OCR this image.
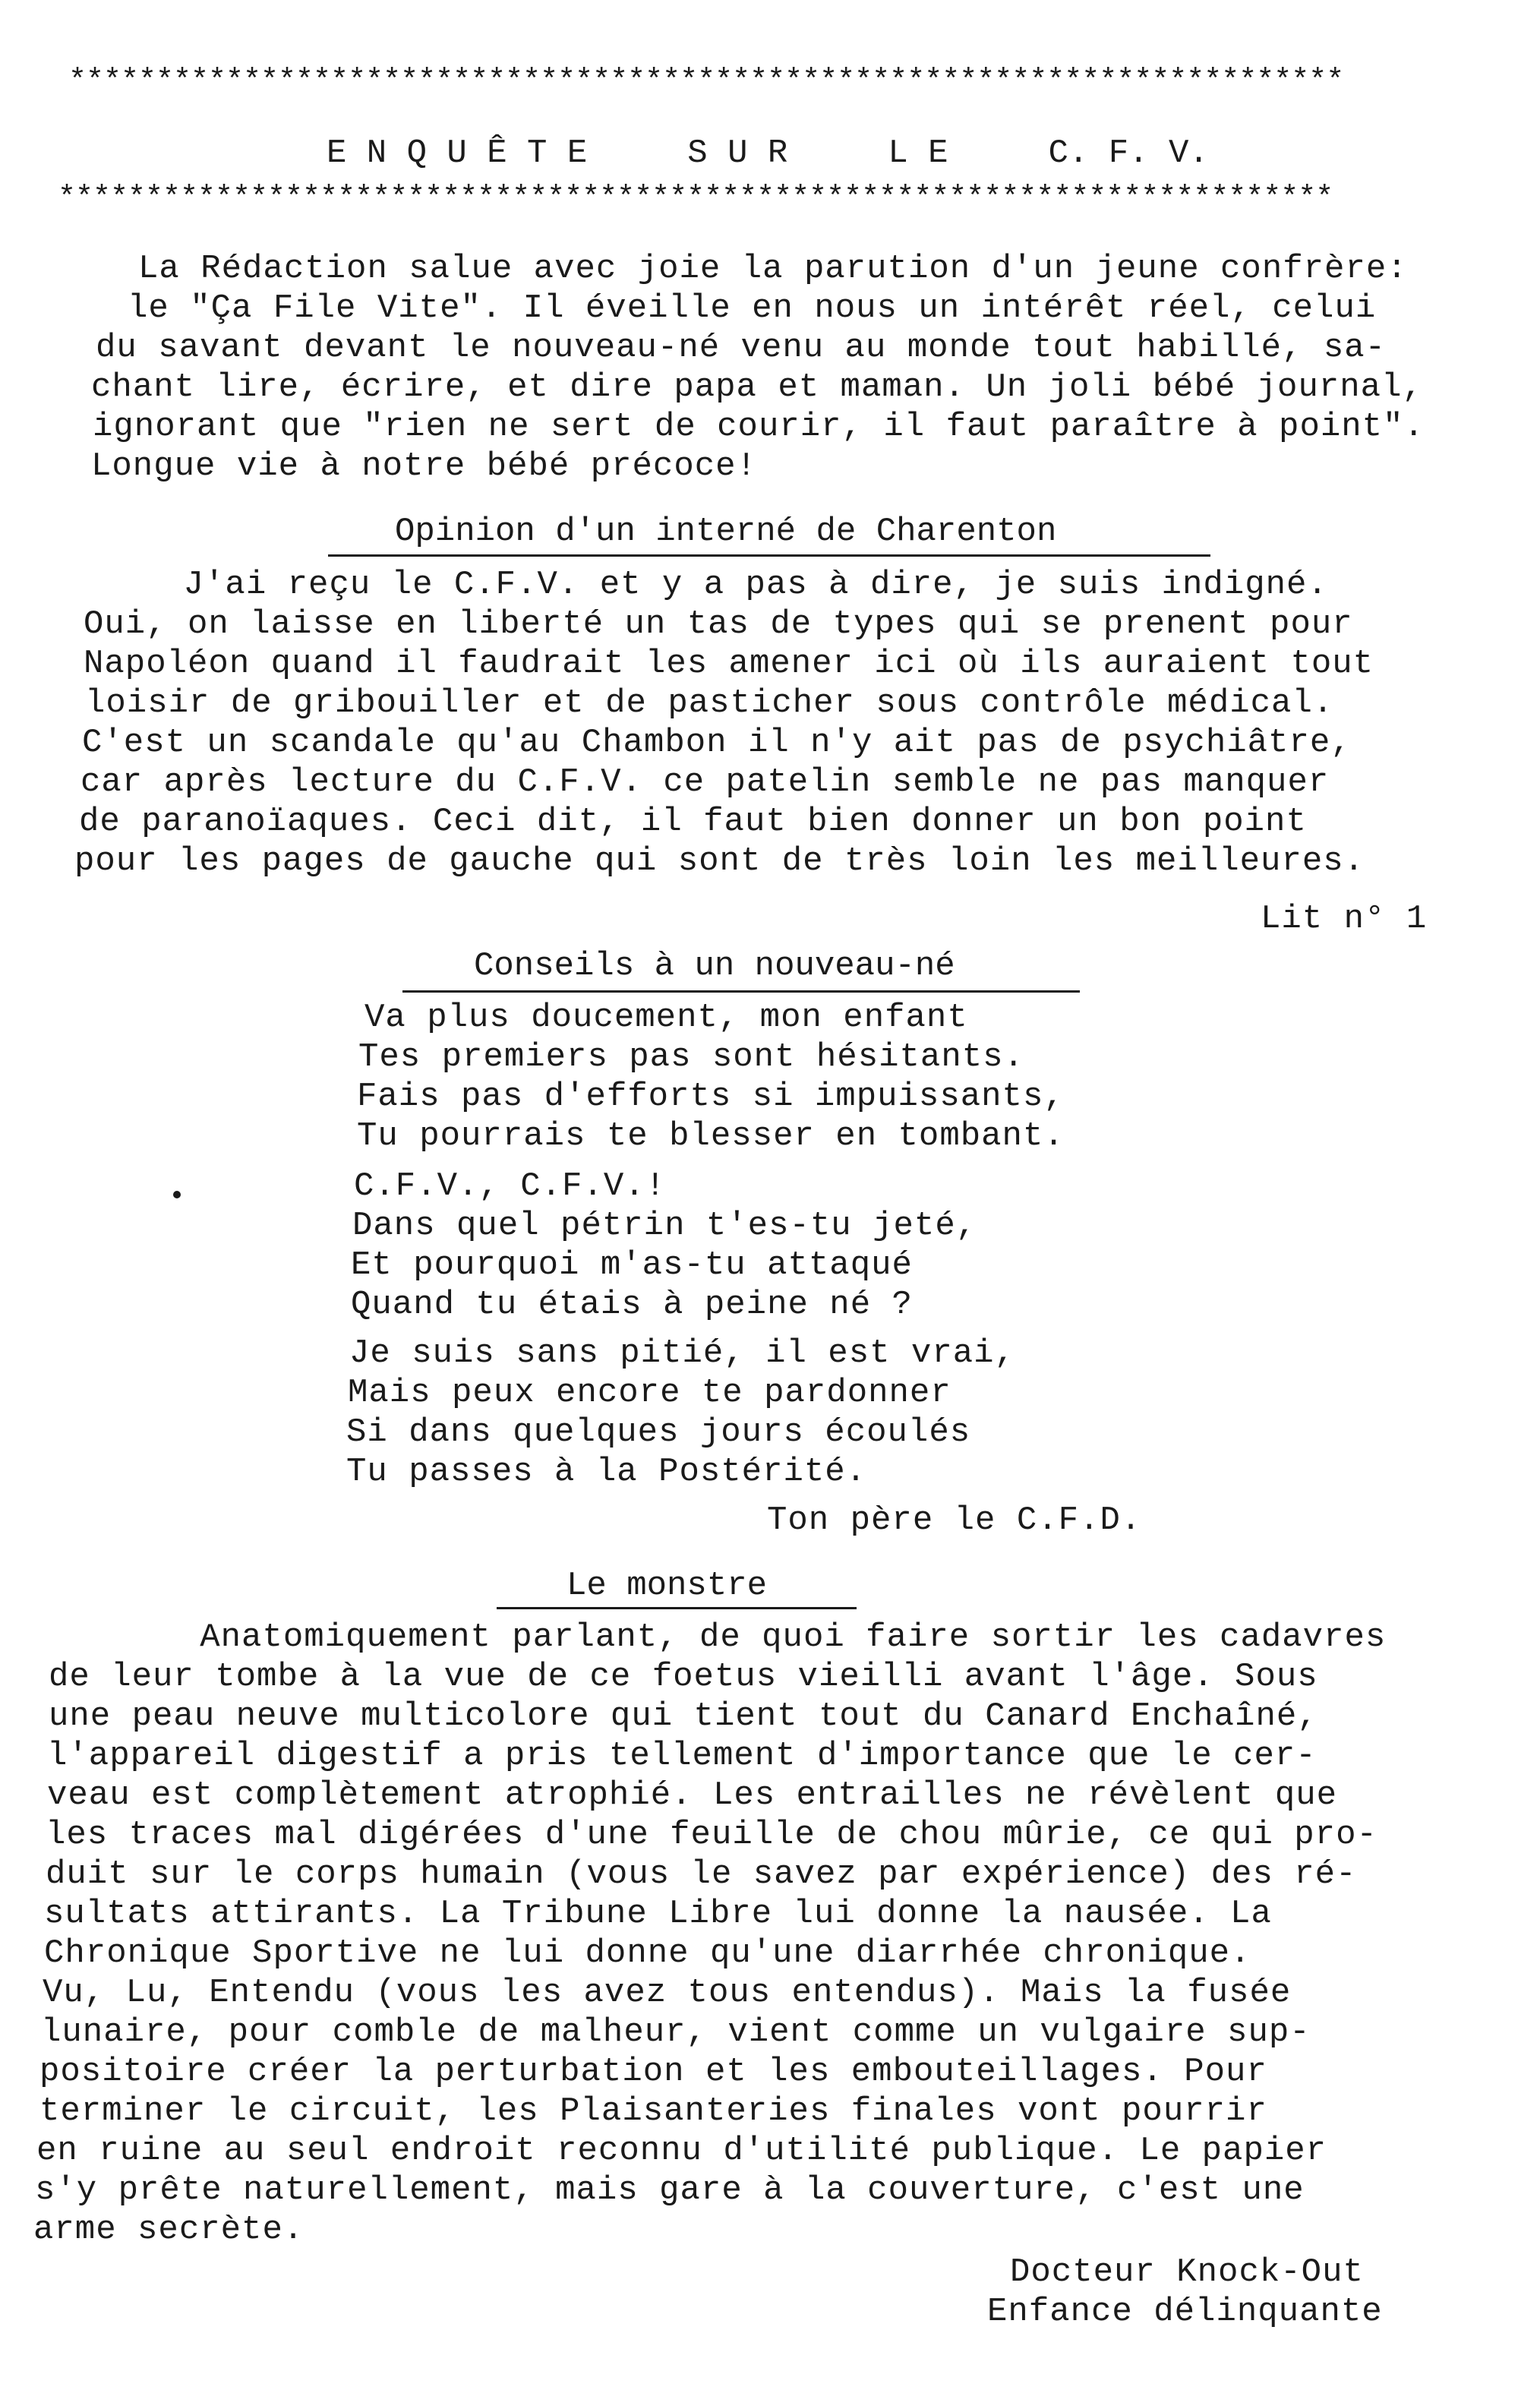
*************************************************************************
E N Q U Ê T E     S U R     L E     C. F. V.
*************************************************************************
La Rédaction salue avec joie la parution d'un jeune confrère:
le "Ça File Vite". Il éveille en nous un intérêt réel, celui
du savant devant le nouveau-né venu au monde tout habillé, sa-
chant lire, écrire, et dire papa et maman. Un joli bébé journal,
ignorant que "rien ne sert de courir, il faut paraître à point".
Longue vie à notre bébé précoce!
Opinion d'un interné de Charenton
J'ai reçu le C.F.V. et y a pas à dire, je suis indigné.
Oui, on laisse en liberté un tas de types qui se prenent pour
Napoléon quand il faudrait les amener ici où ils auraient tout
loisir de gribouiller et de pasticher sous contrôle médical.
C'est un scandale qu'au Chambon il n'y ait pas de psychiâtre,
car après lecture du C.F.V. ce patelin semble ne pas manquer
de paranoïaques. Ceci dit, il faut bien donner un bon point
pour les pages de gauche qui sont de très loin les meilleures.
Lit n° 1
Conseils à un nouveau-né
Va plus doucement, mon enfant
Tes premiers pas sont hésitants.
Fais pas d'efforts si impuissants,
Tu pourrais te blesser en tombant.
C.F.V., C.F.V.!
Dans quel pétrin t'es-tu jeté,
Et pourquoi m'as-tu attaqué
Quand tu étais à peine né ?
Je suis sans pitié, il est vrai,
Mais peux encore te pardonner
Si dans quelques jours écoulés
Tu passes à la Postérité.
Ton père le C.F.D.
Le monstre
Anatomiquement parlant, de quoi faire sortir les cadavres
de leur tombe à la vue de ce foetus vieilli avant l'âge. Sous
une peau neuve multicolore qui tient tout du Canard Enchaîné,
l'appareil digestif a pris tellement d'importance que le cer-
veau est complètement atrophié. Les entrailles ne révèlent que
les traces mal digérées d'une feuille de chou mûrie, ce qui pro-
duit sur le corps humain (vous le savez par expérience) des ré-
sultats attirants. La Tribune Libre lui donne la nausée. La
Chronique Sportive ne lui donne qu'une diarrhée chronique.
Vu, Lu, Entendu (vous les avez tous entendus). Mais la fusée
lunaire, pour comble de malheur, vient comme un vulgaire sup-
positoire créer la perturbation et les embouteillages. Pour
terminer le circuit, les Plaisanteries finales vont pourrir
en ruine au seul endroit reconnu d'utilité publique. Le papier
s'y prête naturellement, mais gare à la couverture, c'est une
arme secrète.
Docteur Knock-Out
Enfance délinquante
